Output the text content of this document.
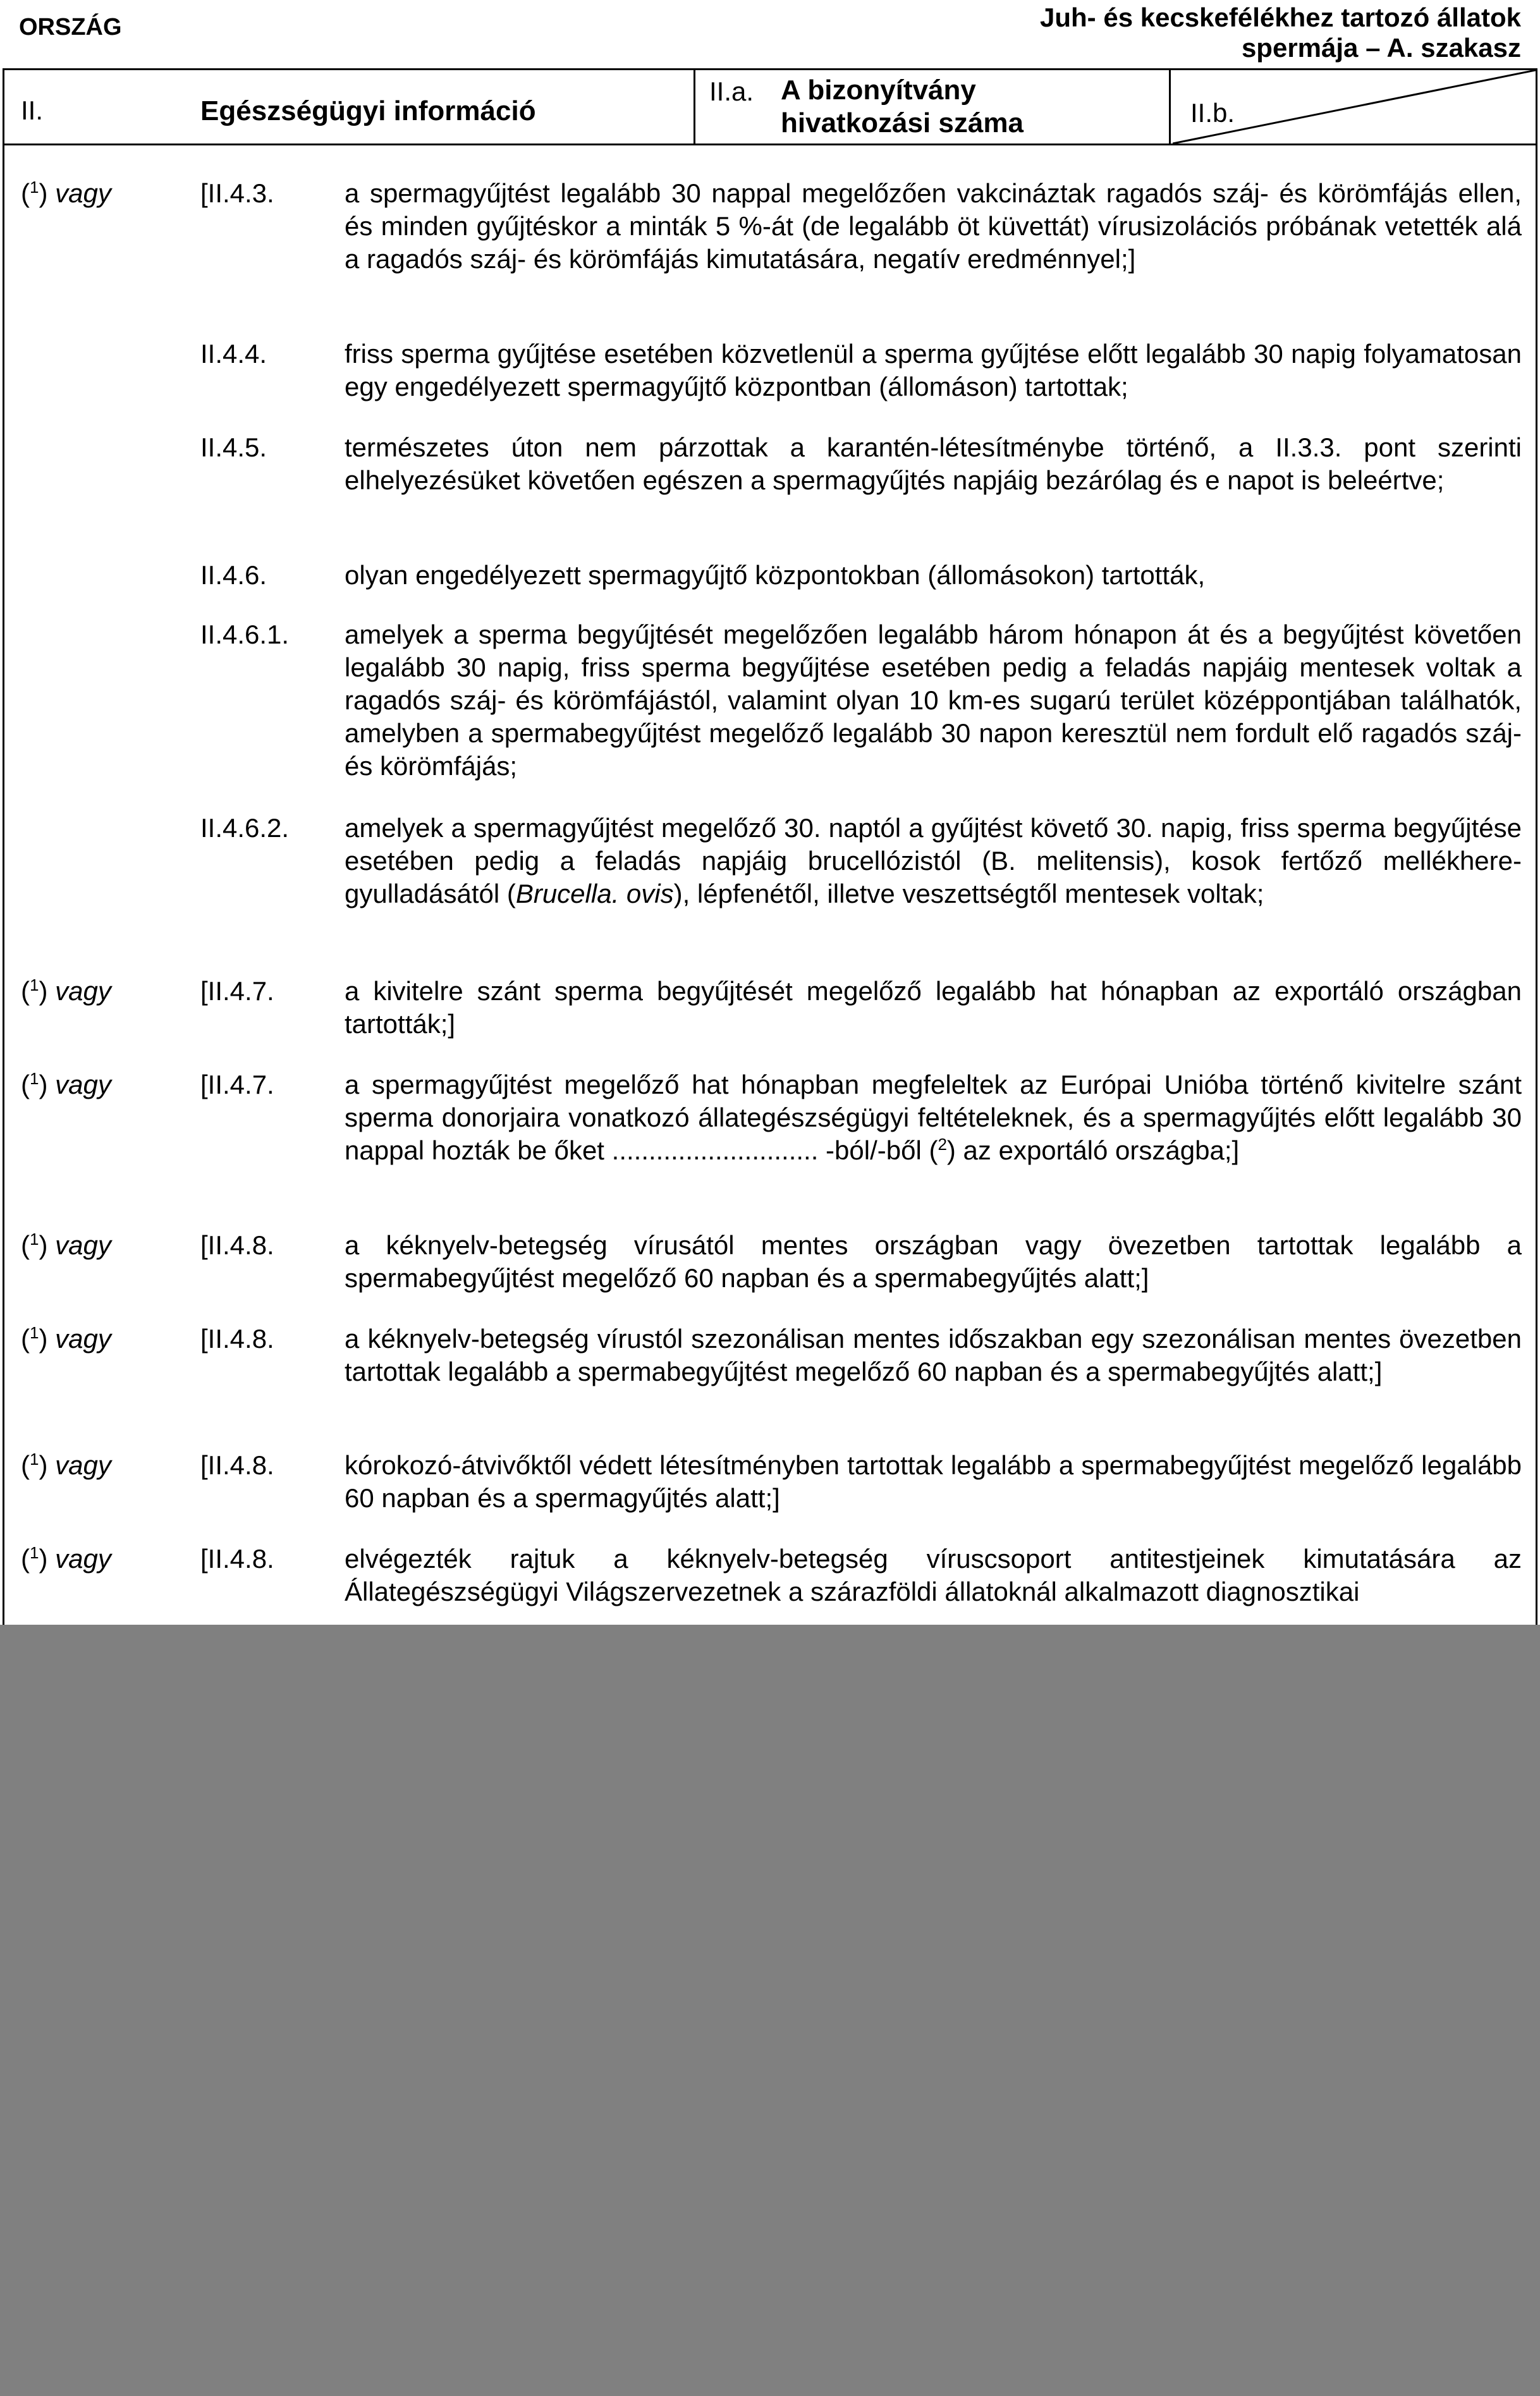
ORSZÁG	Juh- és kecskefélékhez tartozó állatok
spermája – A. szakasz
II.	Egészségügyi információ
II.a. A bizonyítvány
hivatkozási száma	II.b.
($^1$) vagy	[II.4.3.	a spermagyűjtést legalább 30 nappal megelőzően vakcináztak ragadós száj- és körömfájás ellen, és minden gyűjtéskor a minták 5 %-át (de legalább öt küvettát) vírusizolációs próbának vetették alá a ragadós száj- és körömfájás kimutatására, negatív eredménnyel;]
II.4.4.	friss sperma gyűjtése esetében közvetlenül a sperma gyűjtése előtt legalább 30 napig folyamatosan egy engedélyezett spermagyűjtő központban (állomáson) tartottak;
II.4.5.	természetes úton nem párzottak a karantén-létesítménybe történő, a II.3.3. pont szerinti elhelyezésüket követően egészen a spermagyűjtés napjáig bezárólag és e napot is beleértve;
II.4.6.	olyan engedélyezett spermagyűjtő központokban (állomásokon) tartották,
II.4.6.1. amelyek a sperma begyűjtését megelőzően legalább három hónapon át és a begyűjtést követően legalább 30 napig, friss sperma begyűjtése esetében pedig a feladás napjáig mentesek voltak a ragadós száj- és körömfájástól, valamint olyan 10 km-es sugarú terület középpontjában találhatók, amelyben a spermabegyűjtést megelőző legalább 30 napon keresztül nem fordult elő ragadós száj- és körömfájás;
II.4.6.2. amelyek a spermagyűjtést megelőző 30. naptól a gyűjtést követő 30. napig, friss sperma begyűjtése esetében pedig a feladás napjáig brucellózistól (B. melitensis), kosok fertőző mellékhere-gyulladásától (Brucella. ovis), lépfenétől, illetve veszettségtől mentesek voltak;
($^1$) vagy	[II.4.7.	a kivitelre szánt sperma begyűjtését megelőző legalább hat hónapban az exportáló országban tartották;]
($^1$) vagy	[II.4.7.	a spermagyűjtést megelőző hat hónapban megfeleltek az Európai Unióba történő kivitelre szánt sperma donorjaira vonatkozó állategészségügyi feltételeknek, és a spermagyűjtés előtt legalább 30 nappal hozták be őket ............................ -ból/-ből ($^2$) az exportáló országba;]
($^1$) vagy	[II.4.8.	a kéknyelv-betegség vírusától mentes országban vagy övezetben tartottak legalább a spermabegyűjtést megelőző 60 napban és a spermabegyűjtés alatt;]
($^1$) vagy	[II.4.8.	a kéknyelv-betegség vírustól szezonálisan mentes időszakban egy szezonálisan mentes övezetben tartottak legalább a spermabegyűjtést megelőző 60 napban és a spermabegyűjtés alatt;]
($^1$) vagy	[II.4.8.	kórokozó-átvivőktől védett létesítményben tartottak legalább a spermabegyűjtést megelőző legalább 60 napban és a spermagyűjtés alatt;]
($^1$) vagy	[II.4.8.	elvégezték rajtuk a kéknyelv-betegség víruscsoport antitestjeinek kimutatására az Állategészségügyi Világszervezetnek a szárazföldi állatoknál alkalmazott diagnosztikai
